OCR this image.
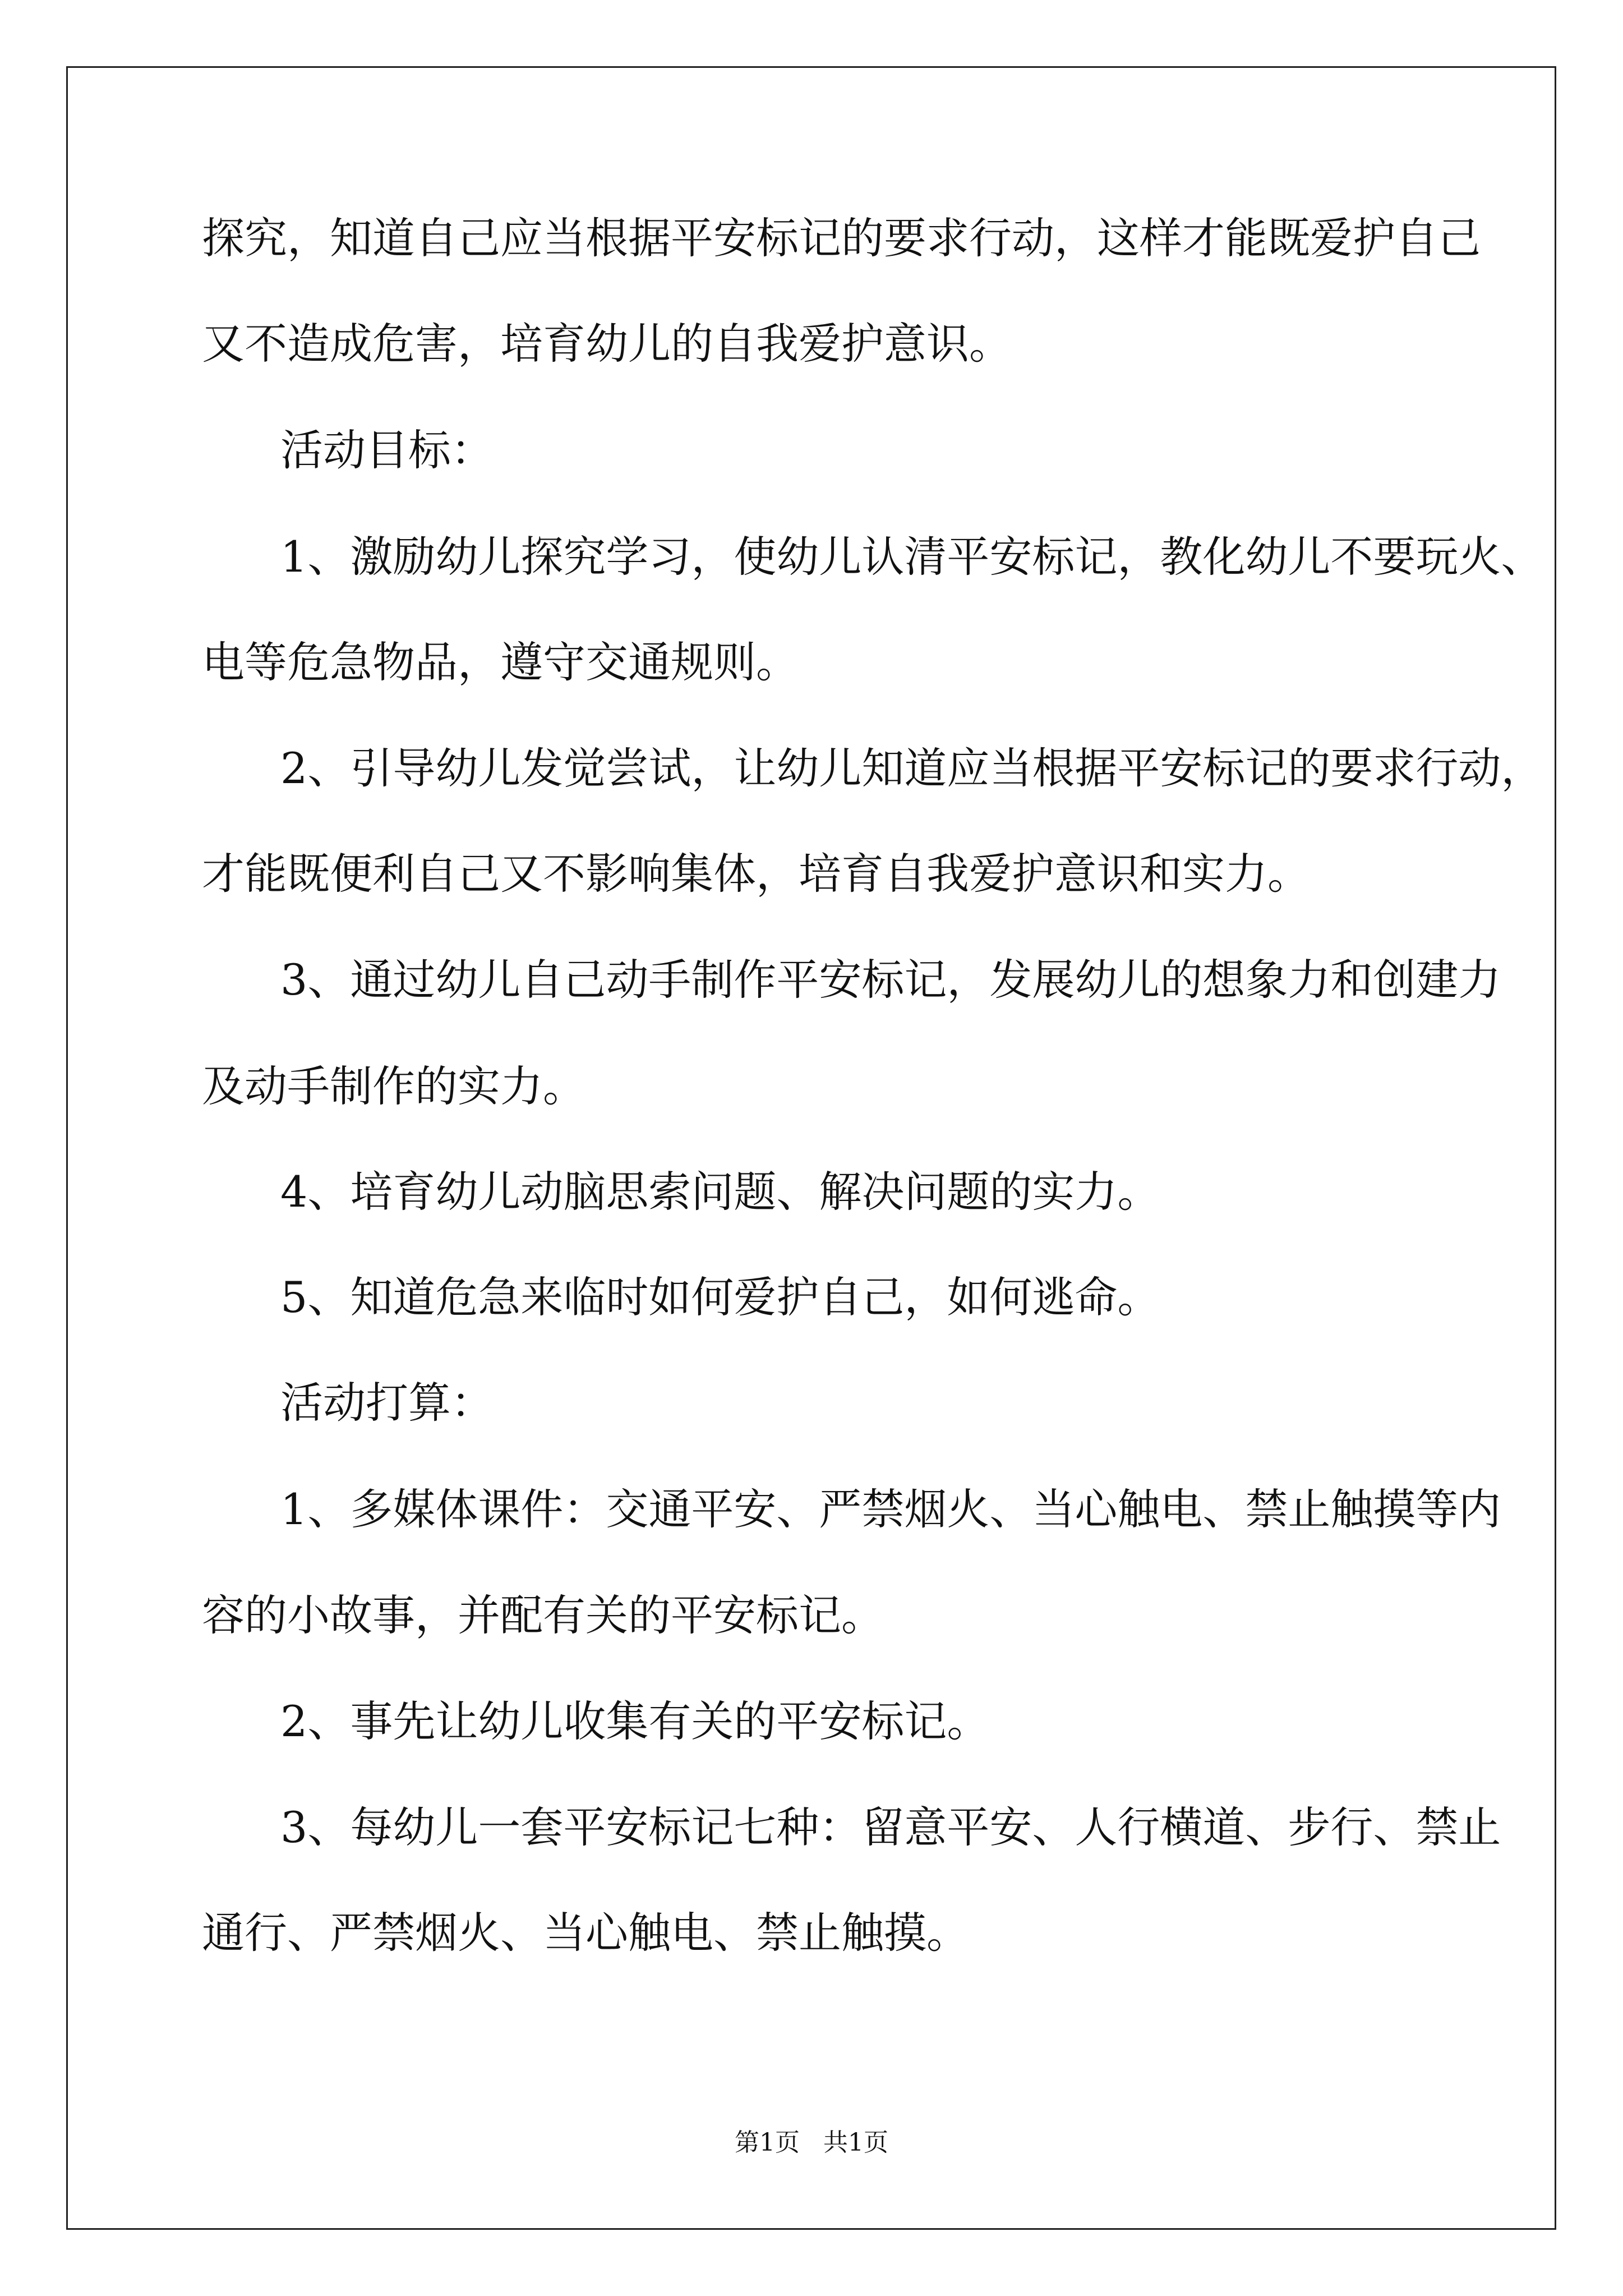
探究，知道自己应当根据平安标记的要求行动，这样才能既爱护自己
又不造成危害，培育幼儿的自我爱护意识。
活动目标：
1、激励幼儿探究学习，使幼儿认清平安标记，教化幼儿不要玩火、
电等危急物品，遵守交通规则。
2、引导幼儿发觉尝试，让幼儿知道应当根据平安标记的要求行动，
才能既便利自己又不影响集体，培育自我爱护意识和实力。
3、通过幼儿自己动手制作平安标记，发展幼儿的想象力和创建力
及动手制作的实力。
4、培育幼儿动脑思索问题、解决问题的实力。
5、知道危急来临时如何爱护自己，如何逃命。
活动打算：
1、多媒体课件：交通平安、严禁烟火、当心触电、禁止触摸等内
容的小故事，并配有关的平安标记。
2、事先让幼儿收集有关的平安标记。
3、每幼儿一套平安标记七种：留意平安、人行横道、步行、禁止
通行、严禁烟火、当心触电、禁止触摸。
第1页   共1页
